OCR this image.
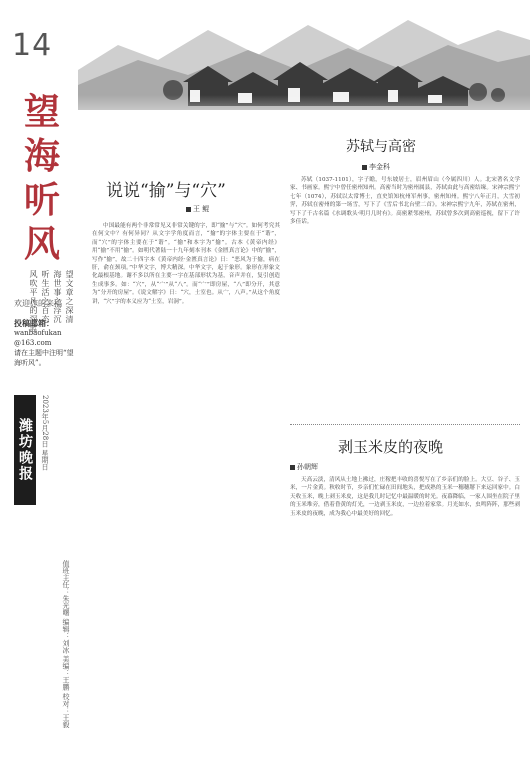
14
望
海
听
风
望文章之深清
海世事之浮沉
听生活之百态
风吹平凡的深蓝
欢迎您的来稿
投稿邮箱：
wanbaofukan
@163.com
请在主题中注明“望海听风”。
潍坊晚报	2023年5月28日 星期日
值班主任：朱光曙 编辑：刘冰 美编：王鹏 校对：王毅
说说“揄”与“穴”
王 鲲
中国最能有两个非常常见又非常关键的字，即“揄”与“穴”。如何考究其在何文中？有何异同？从文字学角度而言，“揄”的字体主要在于“谐”，而“穴”的字体主要在于“谐”。“揄”和本字为“揄”。古本《黄帝内经》用“揄”不用“揄”。如明代著陆一十九年刻本刊本《金匮真言论》中的“揄”，写作“揄”，故二十四字本《黄帝内经·金匮真言论》日：“恶风为于揄，病在肝，俞在颈项。”中华文字，博大精深。中华文字，起于象形。象形在形象文化最根基地。谢不多以所在主要一字在基部形状为基，音声并在，复引创造生成事多。如：“穴”，从“宀”从“八”。而“宀”即房屋，“八”即分开，其意为“分开的房屋”。《说文解字》日：“穴，土室也。从宀，八声。”从这个角度讲，“穴”字的本义应为“土室，岩洞”。
苏轼与高密
李金科
苏轼（1037-1101），字子瞻，号东坡居士，眉州眉山（今属四川）人。北宋著名文学家、书画家。熙宁中曾任密州知州。高密当时为密州属县，苏轼由此与高密结缘。宋神宗熙宁七年（1074），苏轼以太常博士，直史馆知杭州军州事，密州知州。熙宁八年正月，大雪初霁，苏轼在密州的第一场雪，写下了《雪后书北台壁二首》。宋神宗熙宁九年，苏轼在密州，写下了千古名篇《水调歌头·明月几时有》。高密紧邻密州，苏轼曾多次到高密巡视，留下了许多佳话。
剥玉米皮的夜晚
孙朝辉
天高云淡，清风从土地上拂过，庄稼把丰收的喜悦写在了乡亲们的脸上。大豆、谷子、玉米，一片金黄。秋收时节，乡亲们忙碌在田间地头，把成熟的玉米一穗穗掰下来运回家中。白天收玉米，晚上剥玉米皮，这是我儿时记忆中最温暖的时光。夜幕降临，一家人围坐在院子里的玉米堆旁，借着昏黄的灯光，一边剥玉米皮，一边拉着家常。月光如水，虫鸣阵阵，那些剥玉米皮的夜晚，成为我心中最美好的回忆。
